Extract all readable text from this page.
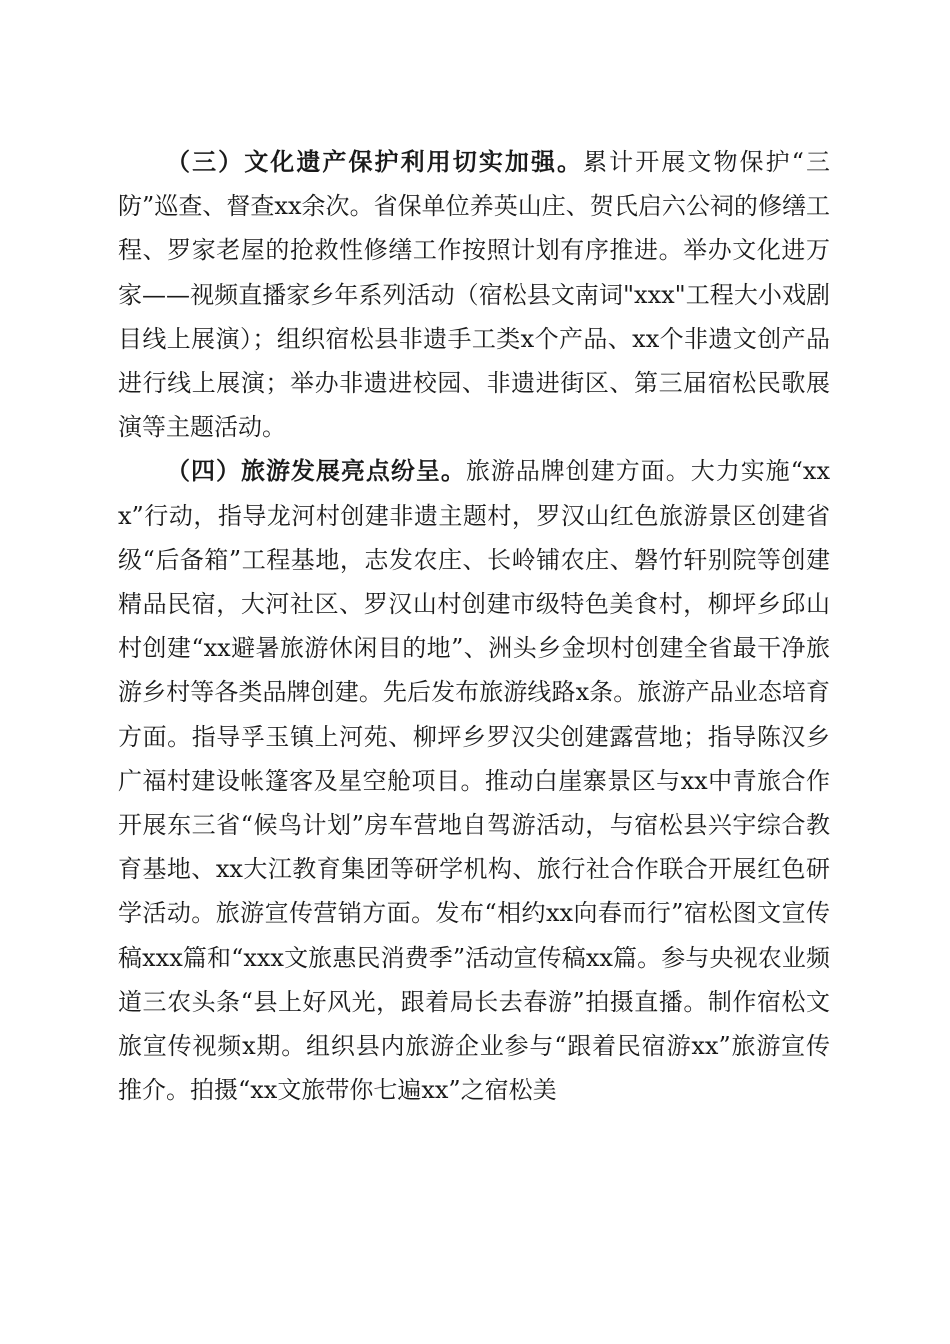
（三）文化遗产保护利用切实加强。累计开展文物保护“三防”巡查、督查xx余次。省保单位养英山庄、贺氏启六公祠的修缮工程、罗家老屋的抢救性修缮工作按照计划有序推进。举办文化进万家——视频直播家乡年系列活动（宿松县文南词"xxx"工程大小戏剧目线上展演）；组织宿松县非遗手工类x个产品、xx个非遗文创产品进行线上展演；举办非遗进校园、非遗进街区、第三届宿松民歌展演等主题活动。

（四）旅游发展亮点纷呈。旅游品牌创建方面。大力实施“xxx”行动，指导龙河村创建非遗主题村，罗汉山红色旅游景区创建省级“后备箱”工程基地，志发农庄、长岭铺农庄、磐竹轩别院等创建精品民宿，大河社区、罗汉山村创建市级特色美食村，柳坪乡邱山村创建“xx避暑旅游休闲目的地”、洲头乡金坝村创建全省最干净旅游乡村等各类品牌创建。先后发布旅游线路x条。旅游产品业态培育方面。指导孚玉镇上河苑、柳坪乡罗汉尖创建露营地；指导陈汉乡广福村建设帐篷客及星空舱项目。推动白崖寨景区与xx中青旅合作开展东三省“候鸟计划”房车营地自驾游活动，与宿松县兴宇综合教育基地、xx大江教育集团等研学机构、旅行社合作联合开展红色研学活动。旅游宣传营销方面。发布“相约xx向春而行”宿松图文宣传稿xxx篇和“xxx文旅惠民消费季”活动宣传稿xx篇。参与央视农业频道三农头条“县上好风光，跟着局长去春游”拍摄直播。制作宿松文旅宣传视频x期。组织县内旅游企业参与“跟着民宿游xx”旅游宣传推介。拍摄“xx文旅带你七遍xx”之宿松美
